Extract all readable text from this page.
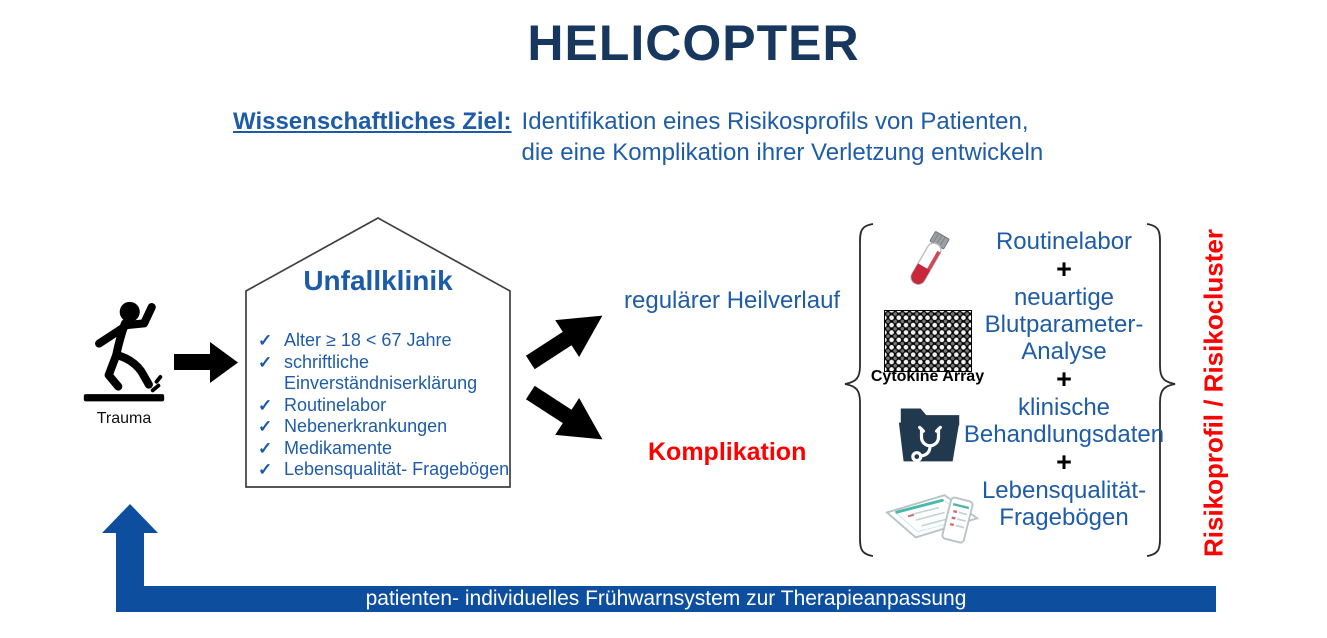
HELICOPTER
Wissenschaftliches Ziel: Identifikation eines Risikosprofils von Patienten,
die eine Komplikation ihrer Verletzung entwickeln
Trauma
Unfallklinik
✓ Alter ≥ 18 < 67 Jahre
✓ schriftliche
Einverständniserklärung
✓ Routinelabor
✓ Nebenerkrankungen
✓ Medikamente
✓ Lebensqualität- Fragebögen
regulärer Heilverlauf
Komplikation
Cytokine Array
Routinelabor
+
neuartige
Blutparameter-
Analyse
+
klinische
Behandlungsdaten
+
Lebensqualität-
Fragebögen	Risikoprofil / Risikocluster
patienten- individuelles Frühwarnsystem zur Therapieanpassung
